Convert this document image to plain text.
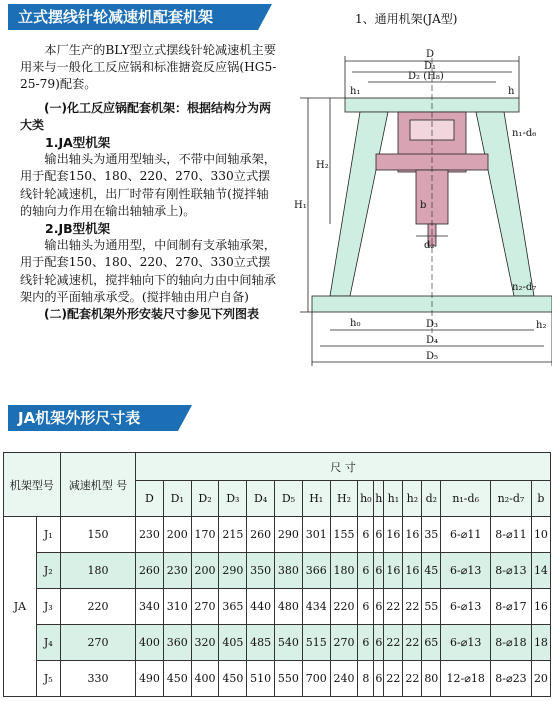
立式摆线针轮减速机配套机架

本厂生产的BLY型立式摆线针轮减速机主要用来与一般化工反应锅和标准搪瓷反应锅(HG5-25-79)配套。

(一)化工反应锅配套机架：根据结构分为两大类

1.JA型机架

输出轴头为通用型轴头，不带中间轴承架，用于配套150、180、220、270、330立式摆线针轮减速机，出厂时带有刚性联轴节(搅拌轴的轴向力作用在输出轴轴承上)。

2.JB型机架

输出轴头为通用型，中间制有支承轴承架，用于配套150、180、220、270、330立式摆线针轮减速机，搅拌轴向下的轴向力由中间轴承架内的平面轴承承受。(搅拌轴由用户自备)

(二)配套机架外形安装尺寸参见下列图表

1、通用机架(JA型)
D
D₁
D₂ (H₈)
h₁	h
n₁-d₆
H₂
H₁	b
d₂
n₂-d₇
h₀	D₃
D₄
D₅
h₂
JA机架外形尺寸表
机架型号		减速机型 号	尺 寸															
			D	D₁	D₂	D₃	D₄	D₅	H₁	H₂	h₀	h	h₁	h₂	d₂	n₁-d₆	n₂-d₇	b
JA	J₁	150	230	200	170	215	260	290	301	155	6	6	16	16	35	6-⌀11	8-⌀11	10
	J₂	180	260	230	200	290	350	380	366	180	6	6	16	16	45	6-⌀13	8-⌀13	14
	J₃	220	340	310	270	365	440	480	434	220	6	6	22	22	55	6-⌀13	8-⌀17	16
	J₄	270	400	360	320	405	485	540	515	270	6	6	22	22	65	6-⌀13	8-⌀18	18
	J₅	330	490	450	400	450	510	550	700	240	8	6	22	22	80	12-⌀18	8-⌀23	20
